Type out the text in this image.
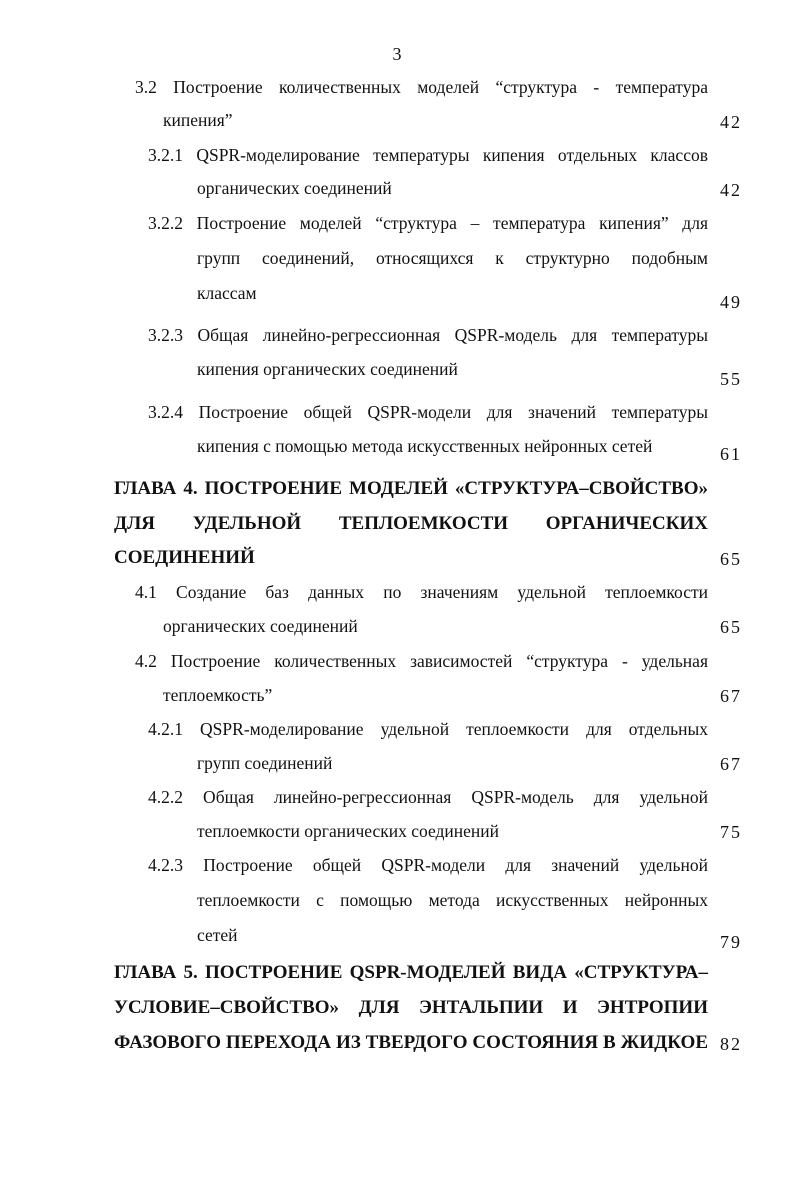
3
3.2 Построение количественных моделей “структура - температура
кипения”	42
3.2.1 QSPR-моделирование температуры кипения отдельных классов
органических соединений	42
3.2.2 Построение моделей “структура – температура кипения” для
групп соединений, относящихся к структурно подобным
классам	49
3.2.3 Общая линейно-регрессионная QSPR-модель для температуры
кипения органических соединений	55
3.2.4 Построение общей QSPR-модели для значений температуры
кипения с помощью метода искусственных нейронных сетей	61
ГЛАВА 4. ПОСТРОЕНИЕ МОДЕЛЕЙ «СТРУКТУРА–СВОЙСТВО»
ДЛЯ УДЕЛЬНОЙ ТЕПЛОЕМКОСТИ ОРГАНИЧЕСКИХ
СОЕДИНЕНИЙ	65
4.1 Создание баз данных по значениям удельной теплоемкости
органических соединений	65
4.2 Построение количественных зависимостей “структура - удельная
теплоемкость”	67
4.2.1 QSPR-моделирование удельной теплоемкости для отдельных
групп соединений	67
4.2.2 Общая линейно-регрессионная QSPR-модель для удельной
теплоемкости органических соединений	75
4.2.3 Построение общей QSPR-модели для значений удельной
теплоемкости с помощью метода искусственных нейронных
сетей	79
ГЛАВА 5. ПОСТРОЕНИЕ QSPR-МОДЕЛЕЙ ВИДА «СТРУКТУРА–
УСЛОВИЕ–СВОЙСТВО» ДЛЯ ЭНТАЛЬПИИ И ЭНТРОПИИ
ФАЗОВОГО ПЕРЕХОДА ИЗ ТВЕРДОГО СОСТОЯНИЯ В ЖИДКОЕ 82
